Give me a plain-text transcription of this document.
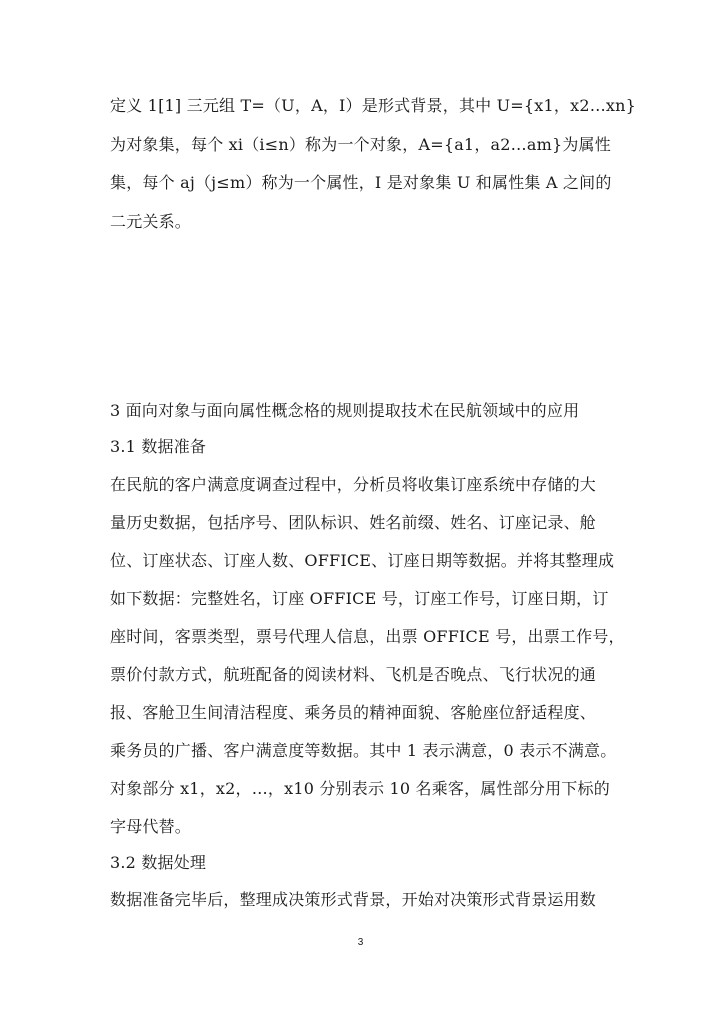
定义 1[1] 三元组 T=（U，A，I）是形式背景，其中 U={x1，x2…xn}
为对象集，每个 xi（i≤n）称为一个对象，A={a1，a2…am}为属性
集，每个 aj（j≤m）称为一个属性，I 是对象集 U 和属性集 A 之间的
二元关系。
3 面向对象与面向属性概念格的规则提取技术在民航领域中的应用
3.1 数据准备
在民航的客户满意度调查过程中，分析员将收集订座系统中存储的大
量历史数据，包括序号、团队标识、姓名前缀、姓名、订座记录、舱
位、订座状态、订座人数、OFFICE、订座日期等数据。并将其整理成
如下数据：完整姓名，订座 OFFICE 号，订座工作号，订座日期，订
座时间，客票类型，票号代理人信息，出票 OFFICE 号，出票工作号，
票价付款方式，航班配备的阅读材料、飞机是否晚点、飞行状况的通
报、客舱卫生间清洁程度、乘务员的精神面貌、客舱座位舒适程度、
乘务员的广播、客户满意度等数据。其中 1 表示满意，0 表示不满意。
对象部分 x1，x2，…，x10 分别表示 10 名乘客，属性部分用下标的
字母代替。
3.2 数据处理
数据准备完毕后，整理成决策形式背景，开始对决策形式背景运用数
3
